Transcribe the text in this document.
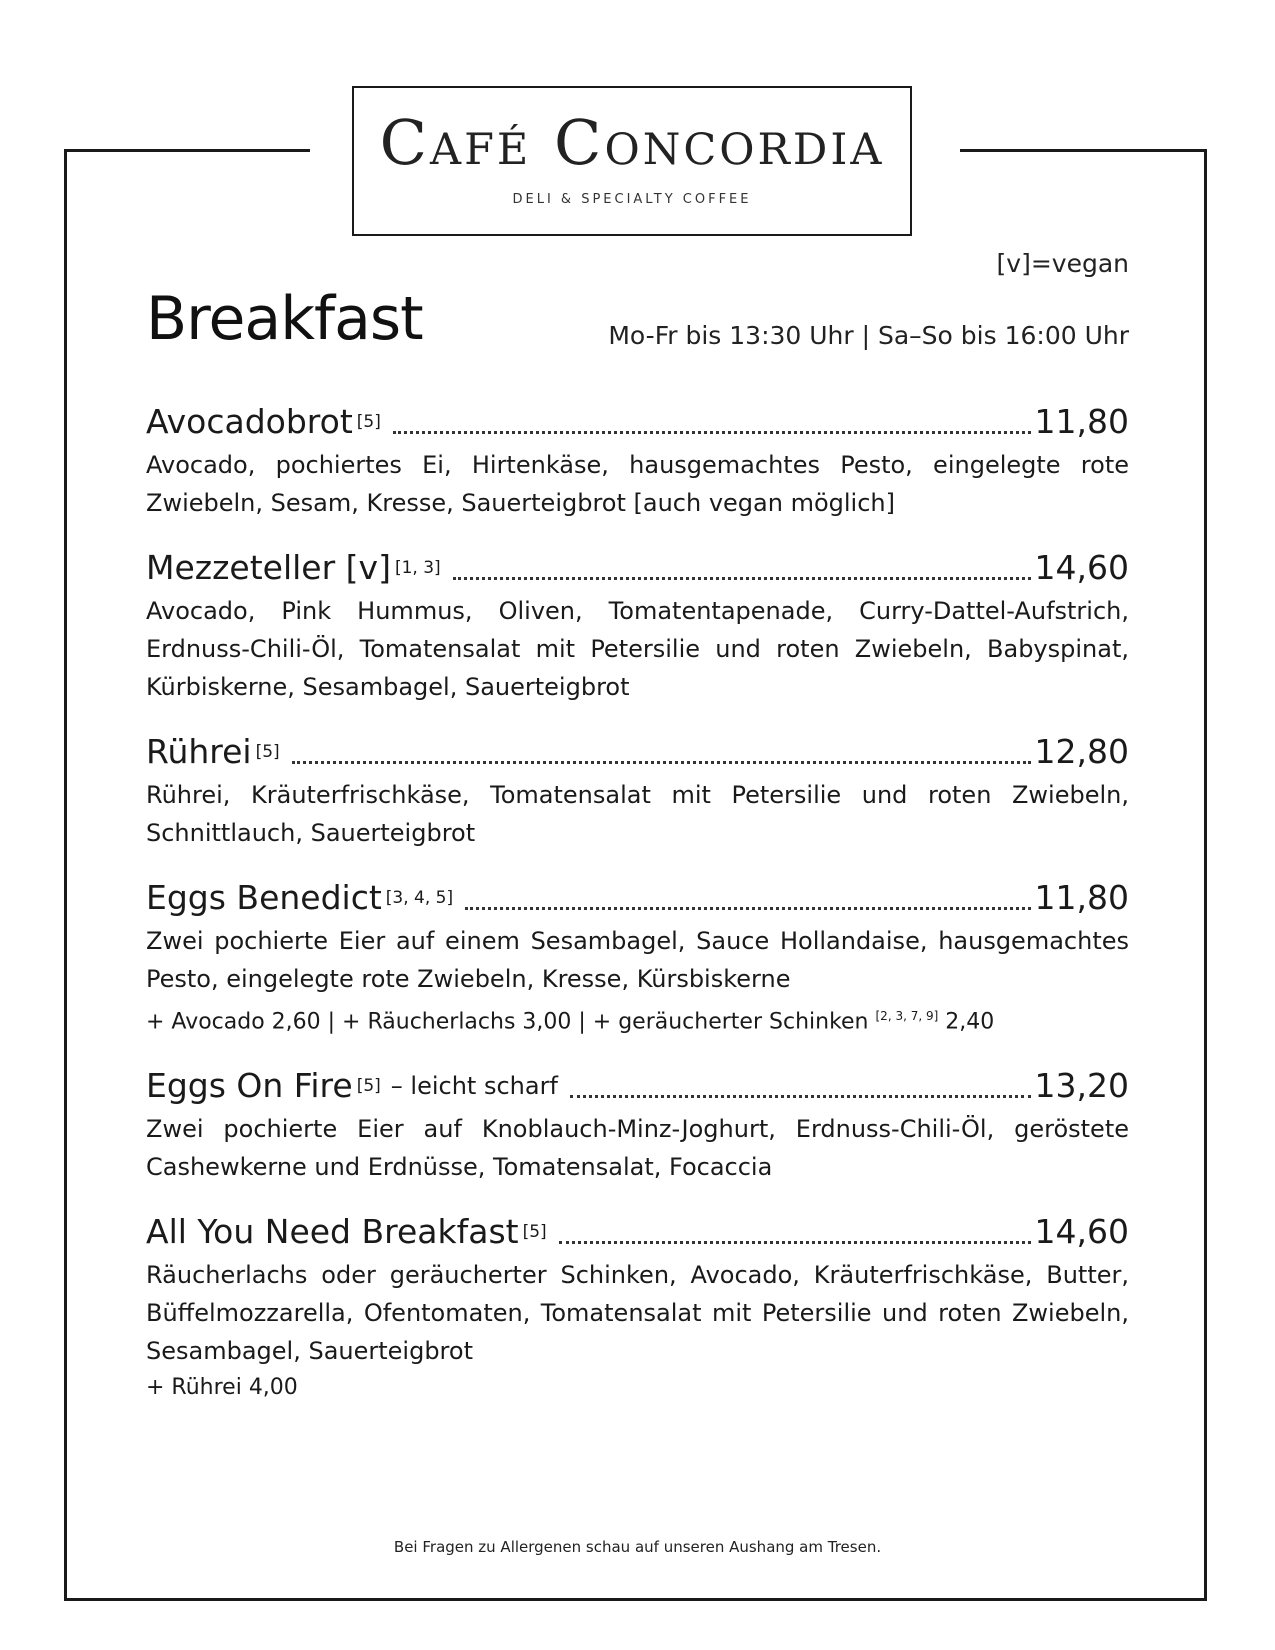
Café Concordia
DELI & SPECIALTY COFFEE
[v]=vegan
Breakfast	Mo-Fr bis 13:30 Uhr | Sa–So bis 16:00 Uhr
Avocadobrot [5]	11,80
Avocado, pochiertes Ei, Hirtenkäse, hausgemachtes Pesto, eingelegte rote Zwiebeln, Sesam, Kresse, Sauerteigbrot [auch vegan möglich]
Mezzeteller [v] [1, 3]	14,60
Avocado, Pink Hummus, Oliven, Tomatentapenade, Curry-Dattel-Aufstrich, Erdnuss-Chili-Öl, Tomatensalat mit Petersilie und roten Zwiebeln, Babyspinat, Kürbiskerne, Sesambagel, Sauerteigbrot
Rührei [5]	12,80
Rührei, Kräuterfrischkäse, Tomatensalat mit Petersilie und roten Zwiebeln, Schnittlauch, Sauerteigbrot
Eggs Benedict [3, 4, 5]	11,80
Zwei pochierte Eier auf einem Sesambagel, Sauce Hollandaise, hausgemachtes Pesto, eingelegte rote Zwiebeln, Kresse, Kürsbiskerne
+ Avocado 2,60 | + Räucherlachs 3,00 | + geräucherter Schinken [2, 3, 7, 9] 2,40
Eggs On Fire [5] – leicht scharf	13,20
Zwei pochierte Eier auf Knoblauch-Minz-Joghurt, Erdnuss-Chili-Öl, geröstete Cashewkerne und Erdnüsse, Tomatensalat, Focaccia
All You Need Breakfast [5]	14,60
Räucherlachs oder geräucherter Schinken, Avocado, Kräuterfrischkäse, Butter, Büffelmozzarella, Ofentomaten, Tomatensalat mit Petersilie und roten Zwiebeln, Sesambagel, Sauerteigbrot
+ Rührei 4,00
Bei Fragen zu Allergenen schau auf unseren Aushang am Tresen.
